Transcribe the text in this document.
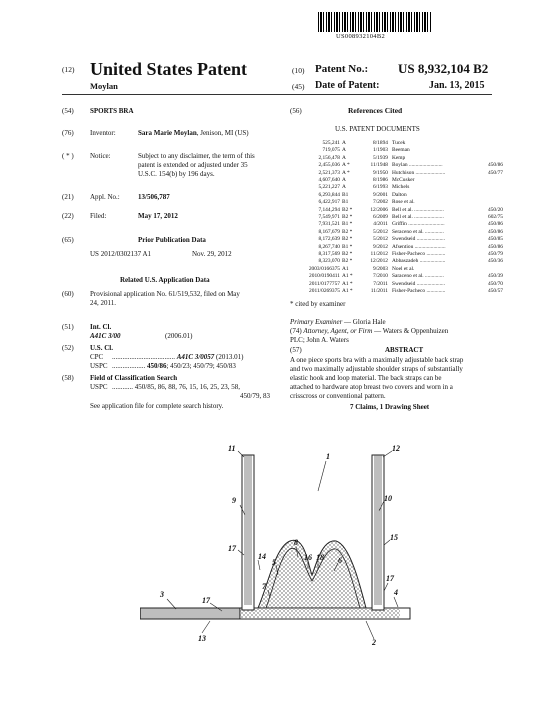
US008932104B2
(12) United States Patent
Moylan
(10) Patent No.: US 8,932,104 B2
(45) Date of Patent:	Jan. 13, 2015
(54) SPORTS BRA
(76) Inventor:	Sara Marie Moylan, Jenison, MI (US)
( * ) Notice:	Subject to any disclaimer, the term of this
patent is extended or adjusted under 35
U.S.C. 154(b) by 196 days.
(21) Appl. No.:	13/506,787
(22) Filed:	May 17, 2012
(65)	Prior Publication Data
US 2012/0302137 A1	Nov. 29, 2012
Related U.S. Application Data
(60) Provisional application No. 61/519,532, filed on May
24, 2011.
(51) Int. Cl.
A41C 3/00	(2006.01)
(52) U.S. Cl.
CPC .................................... A41C 3/0057 (2013.01)
USPC ................... 450/86; 450/23; 450/79; 450/83
(58) Field of Classification Search
USPC ............ 450/85, 86, 88, 76, 15, 16, 25, 23, 58,
450/79, 83
See application file for complete search history.
(56)	References Cited
U.S. PATENT DOCUMENTS
525,241 A	8/1894 Tucek
719,075 A	1/1903 Beeman
2,156,478 A	5/1939 Kemp
2,455,036 A *	11/1948 Boylan .........................	450/86
2,521,373 A *	9/1950 Hutchison ......................	450/77
4,607,640 A	8/1986 McCusker
5,221,227 A	6/1993 Michels
6,293,844 B1	9/2001 Dalton
6,422,917 B1	7/2002 Rose et al.
7,144,294 B2 *	12/2006 Bell et al. ......................	450/20
7,549,971 B2 *	6/2009 Bell et al. ......................	602/75
7,931,521 B1 *	4/2011 Griffin ...........................	450/86
8,167,679 B2 *	5/2012 Seraceno et al. ..............	450/86
8,172,639 B2 *	5/2012 Swendseid .....................	450/85
8,267,740 B1 *	9/2012 Afsentiou .......................	450/86
8,317,569 B2 *	11/2012 Fisher-Pacheco ..............	450/79
8,323,070 B2 *	12/2012 Abbaszadeh ...................	450/36
2003/0166375 A1	9/2003 Noel et al.
2010/0190411 A1 *	7/2010 Saraceno et al. ..............	450/39
2011/0177757 A1 *	7/2011 Swendseid .....................	450/70
2011/0269375 A1 *	11/2011 Fisher-Pacheco ..............	450/57
* cited by examiner
Primary Examiner — Gloria Hale
(74) Attorney, Agent, or Firm — Waters & Oppenhuizen
PLC; John A. Waters
(57)	ABSTRACT
A one piece sports bra with a maximally adjustable back strap
and two maximally adjustable shoulder straps of substantially
elastic hook and loop material. The back straps can be
attached to hardware atop breast two covers and worn in a
crisscross or conventional pattern.
7 Claims, 1 Drawing Sheet
3
17
11	12
9	10
15
17
14
5
8
16 18 6
4
7
17
13	2
1
